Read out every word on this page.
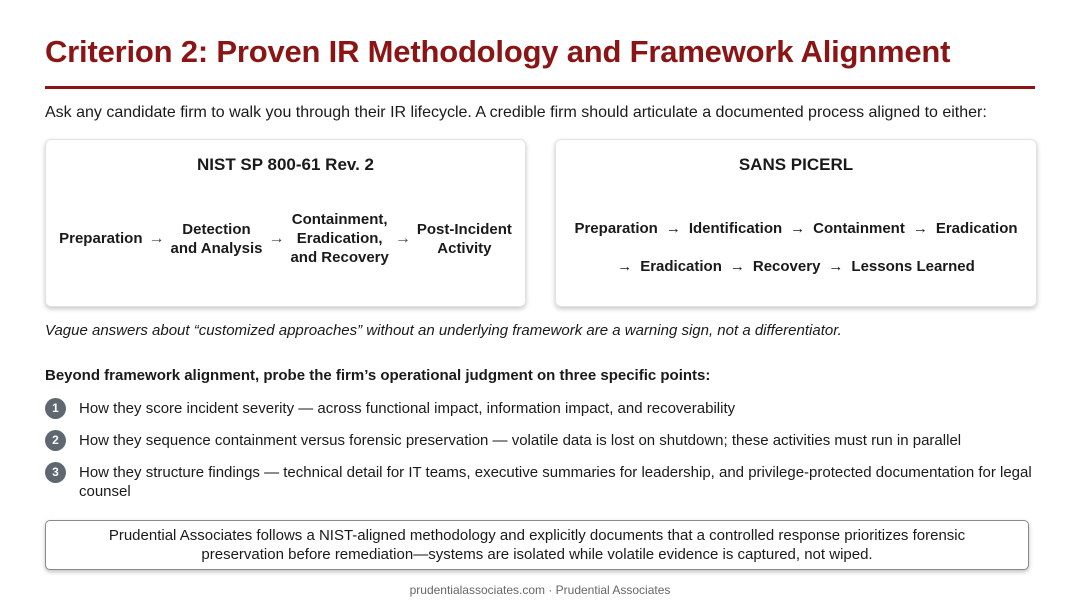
Criterion 2: Proven IR Methodology and Framework Alignment
Ask any candidate firm to walk you through their IR lifecycle. A credible firm should articulate a documented process aligned to either:
NIST SP 800-61 Rev. 2
Preparation →
Detection
and Analysis
→
Containment,
Eradication,
and Recovery
→
Post-Incident
Activity
SANS PICERL
Preparation → Identification → Containment → Eradication
→ Eradication → Recovery → Lessons Learned
Vague answers about “customized approaches” without an underlying framework are a warning sign, not a differentiator.
Beyond framework alignment, probe the firm’s operational judgment on three specific points:
1	How they score incident severity — across functional impact, information impact, and recoverability
2	How they sequence containment versus forensic preservation — volatile data is lost on shutdown; these activities must run in parallel
3	How they structure findings — technical detail for IT teams, executive summaries for leadership, and privilege-protected documentation for legal counsel
Prudential Associates follows a NIST-aligned methodology and explicitly documents that a controlled response prioritizes forensic preservation before remediation—systems are isolated while volatile evidence is captured, not wiped.
prudentialassociates.com · Prudential Associates
